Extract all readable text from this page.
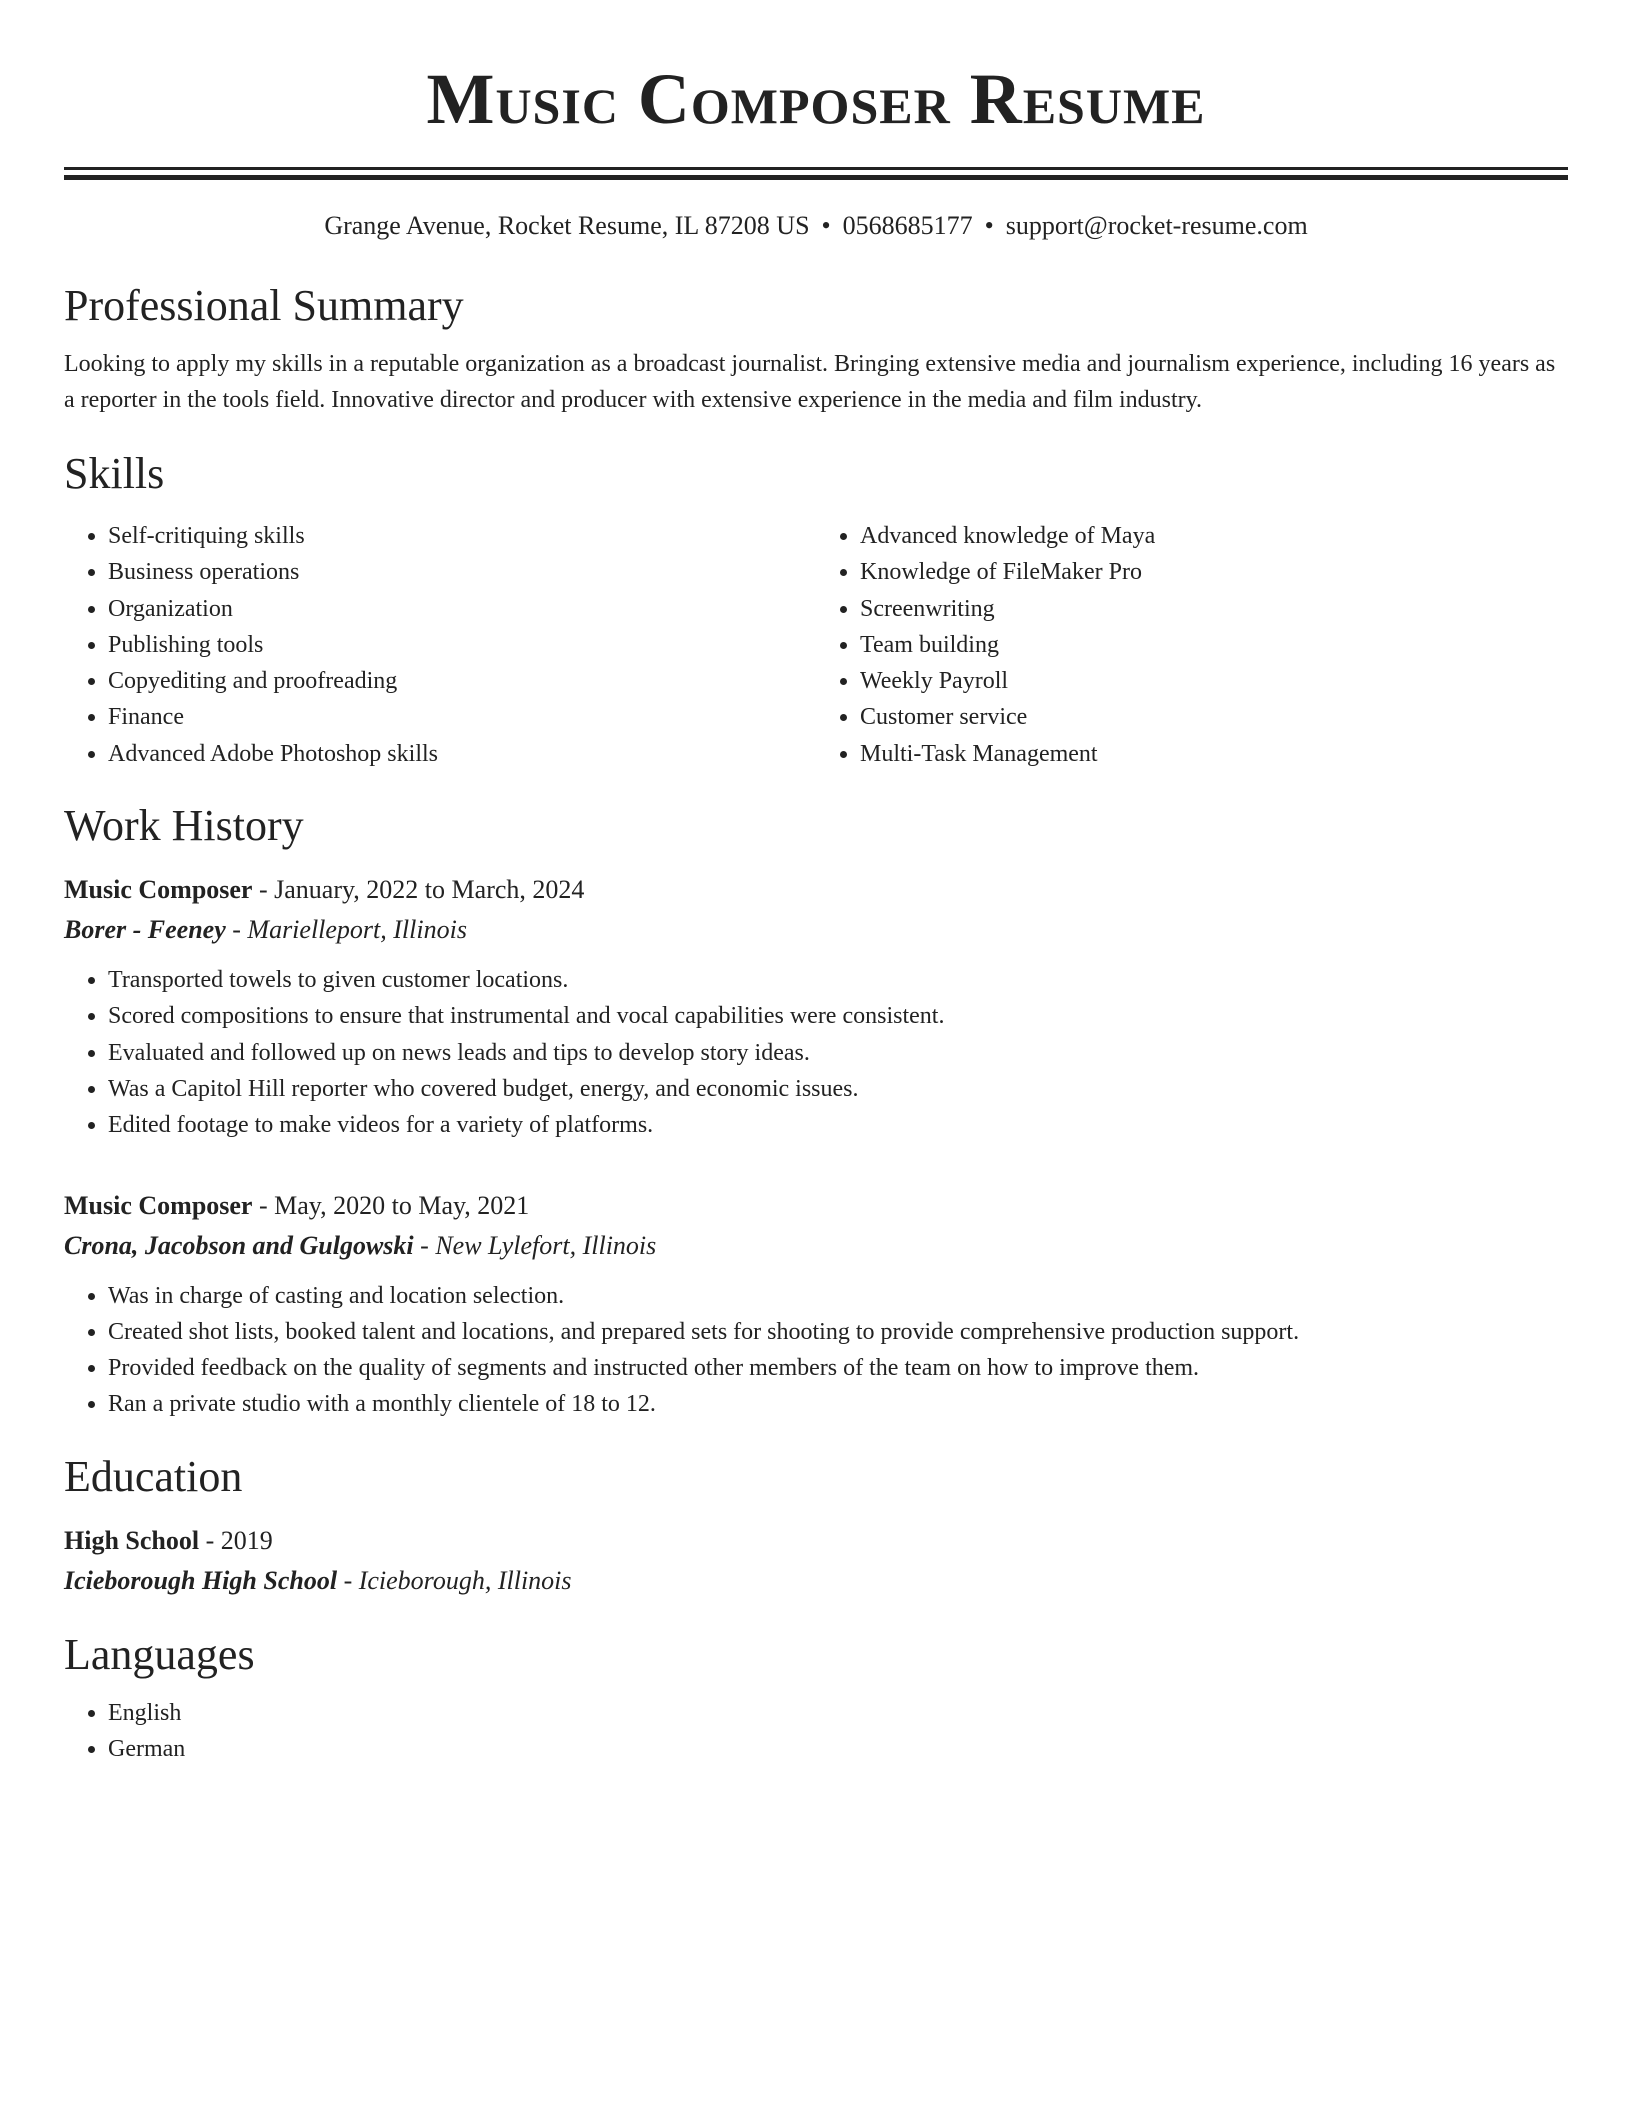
Music Composer Resume
Grange Avenue, Rocket Resume, IL 87208 US • 0568685177 • support@rocket-resume.com
Professional Summary

Looking to apply my skills in a reputable organization as a broadcast journalist. Bringing extensive media and journalism experience, including 16 years as a reporter in the tools field. Innovative director and producer with extensive experience in the media and film industry.

Skills
• Self-critiquing skills
• Business operations
• Organization
• Publishing tools
• Copyediting and proofreading
• Finance
• Advanced Adobe Photoshop skills
• Advanced knowledge of Maya
• Knowledge of FileMaker Pro
• Screenwriting
• Team building
• Weekly Payroll
• Customer service
• Multi-Task Management
Work History
Music Composer - January, 2022 to March, 2024
Borer - Feeney - Marielleport, Illinois
• Transported towels to given customer locations.
• Scored compositions to ensure that instrumental and vocal capabilities were consistent.
• Evaluated and followed up on news leads and tips to develop story ideas.
• Was a Capitol Hill reporter who covered budget, energy, and economic issues.
• Edited footage to make videos for a variety of platforms.
Music Composer - May, 2020 to May, 2021
Crona, Jacobson and Gulgowski - New Lylefort, Illinois
• Was in charge of casting and location selection.
• Created shot lists, booked talent and locations, and prepared sets for shooting to provide comprehensive production support.
• Provided feedback on the quality of segments and instructed other members of the team on how to improve them.
• Ran a private studio with a monthly clientele of 18 to 12.
Education
High School - 2019
Icieborough High School - Icieborough, Illinois
Languages
• English
• German
